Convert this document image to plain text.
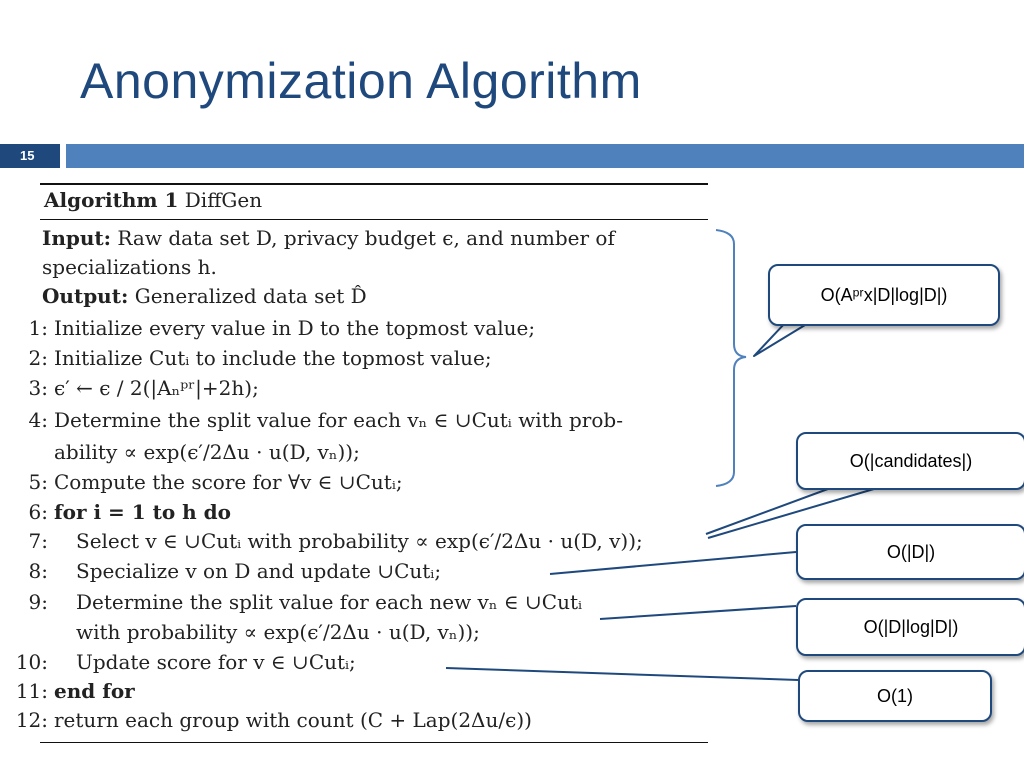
Anonymization Algorithm
15
Algorithm 1 DiffGen
Input: Raw data set D, privacy budget ϵ, and number of
specializations h.
Output: Generalized data set D̂
1: Initialize every value in D to the topmost value;
2: Initialize Cutᵢ to include the topmost value;
3: ϵ′ ← ϵ / 2(|Aₙᵖʳ|+2h);
4: Determine the split value for each vₙ ∈ ∪Cutᵢ with prob-
ability ∝ exp(ϵ′/2Δu · u(D, vₙ));
5: Compute the score for ∀v ∈ ∪Cutᵢ;
6: for i = 1 to h do
7: Select v ∈ ∪Cutᵢ with probability ∝ exp(ϵ′/2Δu · u(D, v));
8: Specialize v on D and update ∪Cutᵢ;
9: Determine the split value for each new vₙ ∈ ∪Cutᵢ
with probability ∝ exp(ϵ′/2Δu · u(D, vₙ));
10: Update score for v ∈ ∪Cutᵢ;
11: end for
12: return each group with count (C + Lap(2Δu/ϵ))
O(Aᵖʳx|D|log|D|)
O(|candidates|)
O(|D|)
O(|D|log|D|)
O(1)
